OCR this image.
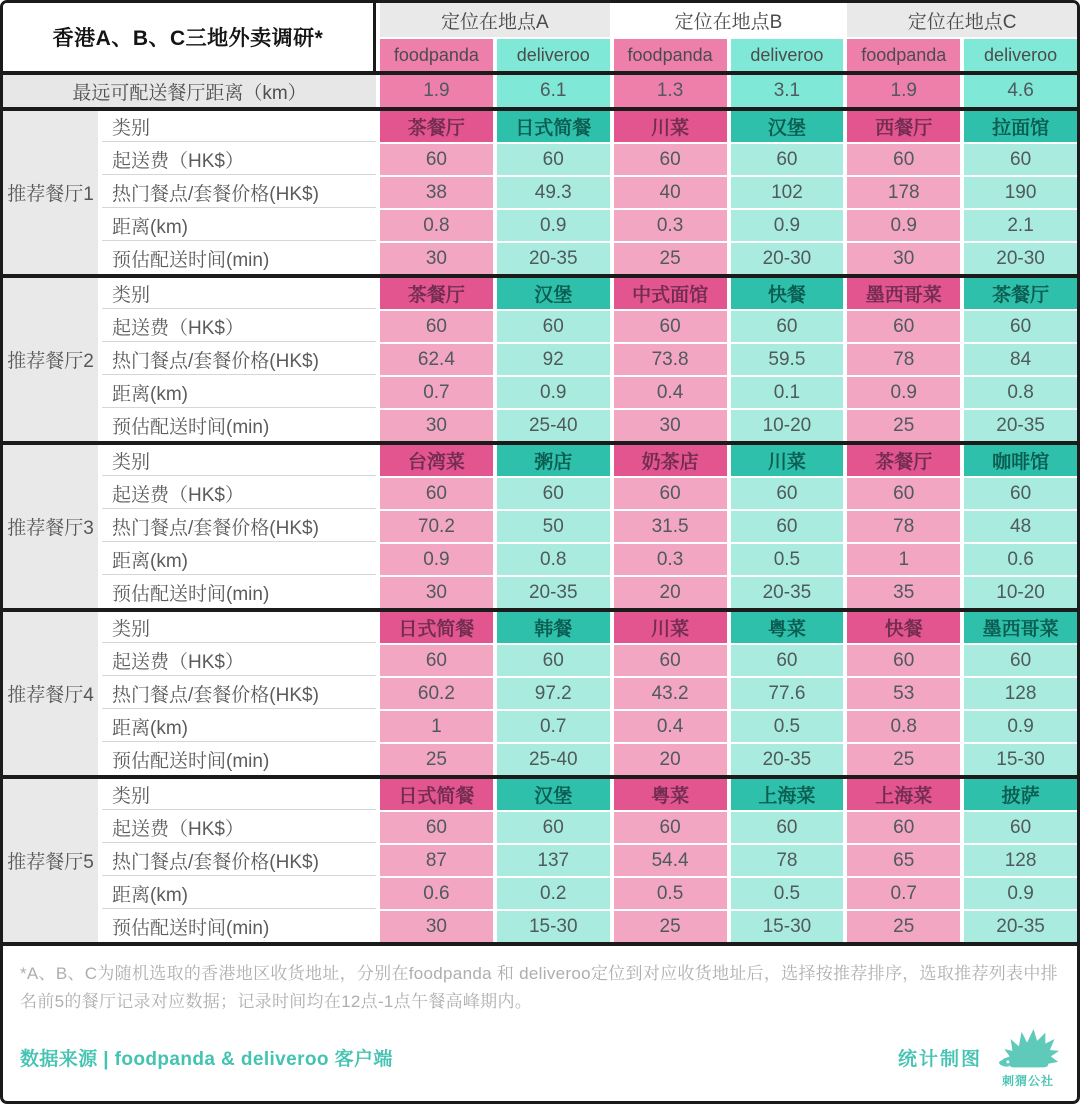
香港A、B、C三地外卖调研*
定位在地点A	定位在地点B	定位在地点C
foodpanda	deliveroo	foodpanda	deliveroo	foodpanda	deliveroo
最远可配送餐厅距离（km）	1.9	6.1	1.3	3.1	1.9	4.6
推荐餐厅1
类别	茶餐厅	日式简餐	川菜	汉堡	西餐厅	拉面馆
起送费（HK$）	60	60	60	60	60	60
热门餐点/套餐价格(HK$)	38	49.3	40	102	178	190
距离(km)	0.8	0.9	0.3	0.9	0.9	2.1
预估配送时间(min)	30	20-35	25	20-30	30	20-30
推荐餐厅2
类别	茶餐厅	汉堡	中式面馆	快餐	墨西哥菜	茶餐厅
起送费（HK$）	60	60	60	60	60	60
热门餐点/套餐价格(HK$)	62.4	92	73.8	59.5	78	84
距离(km)	0.7	0.9	0.4	0.1	0.9	0.8
预估配送时间(min)	30	25-40	30	10-20	25	20-35
推荐餐厅3
类别	台湾菜	粥店	奶茶店	川菜	茶餐厅	咖啡馆
起送费（HK$）	60	60	60	60	60	60
热门餐点/套餐价格(HK$)	70.2	50	31.5	60	78	48
距离(km)	0.9	0.8	0.3	0.5	1	0.6
预估配送时间(min)	30	20-35	20	20-35	35	10-20
推荐餐厅4
类别	日式简餐	韩餐	川菜	粤菜	快餐	墨西哥菜
起送费（HK$）	60	60	60	60	60	60
热门餐点/套餐价格(HK$)	60.2	97.2	43.2	77.6	53	128
距离(km)	1	0.7	0.4	0.5	0.8	0.9
预估配送时间(min)	25	25-40	20	20-35	25	15-30
推荐餐厅5
类别	日式简餐	汉堡	粤菜	上海菜	上海菜	披萨
起送费（HK$）	60	60	60	60	60	60
热门餐点/套餐价格(HK$)	87	137	54.4	78	65	128
距离(km)	0.6	0.2	0.5	0.5	0.7	0.9
预估配送时间(min)	30	15-30	25	15-30	25	20-35

*A、B、C为随机选取的香港地区收货地址，分别在foodpanda 和 deliveroo定位到对应收货地址后，选择按推荐排序，选取推荐列表中排名前5的餐厅记录对应数据；记录时间均在12点-1点午餐高峰期内。

数据来源 | foodpanda & deliveroo 客户端	统计制图
刺猬公社
